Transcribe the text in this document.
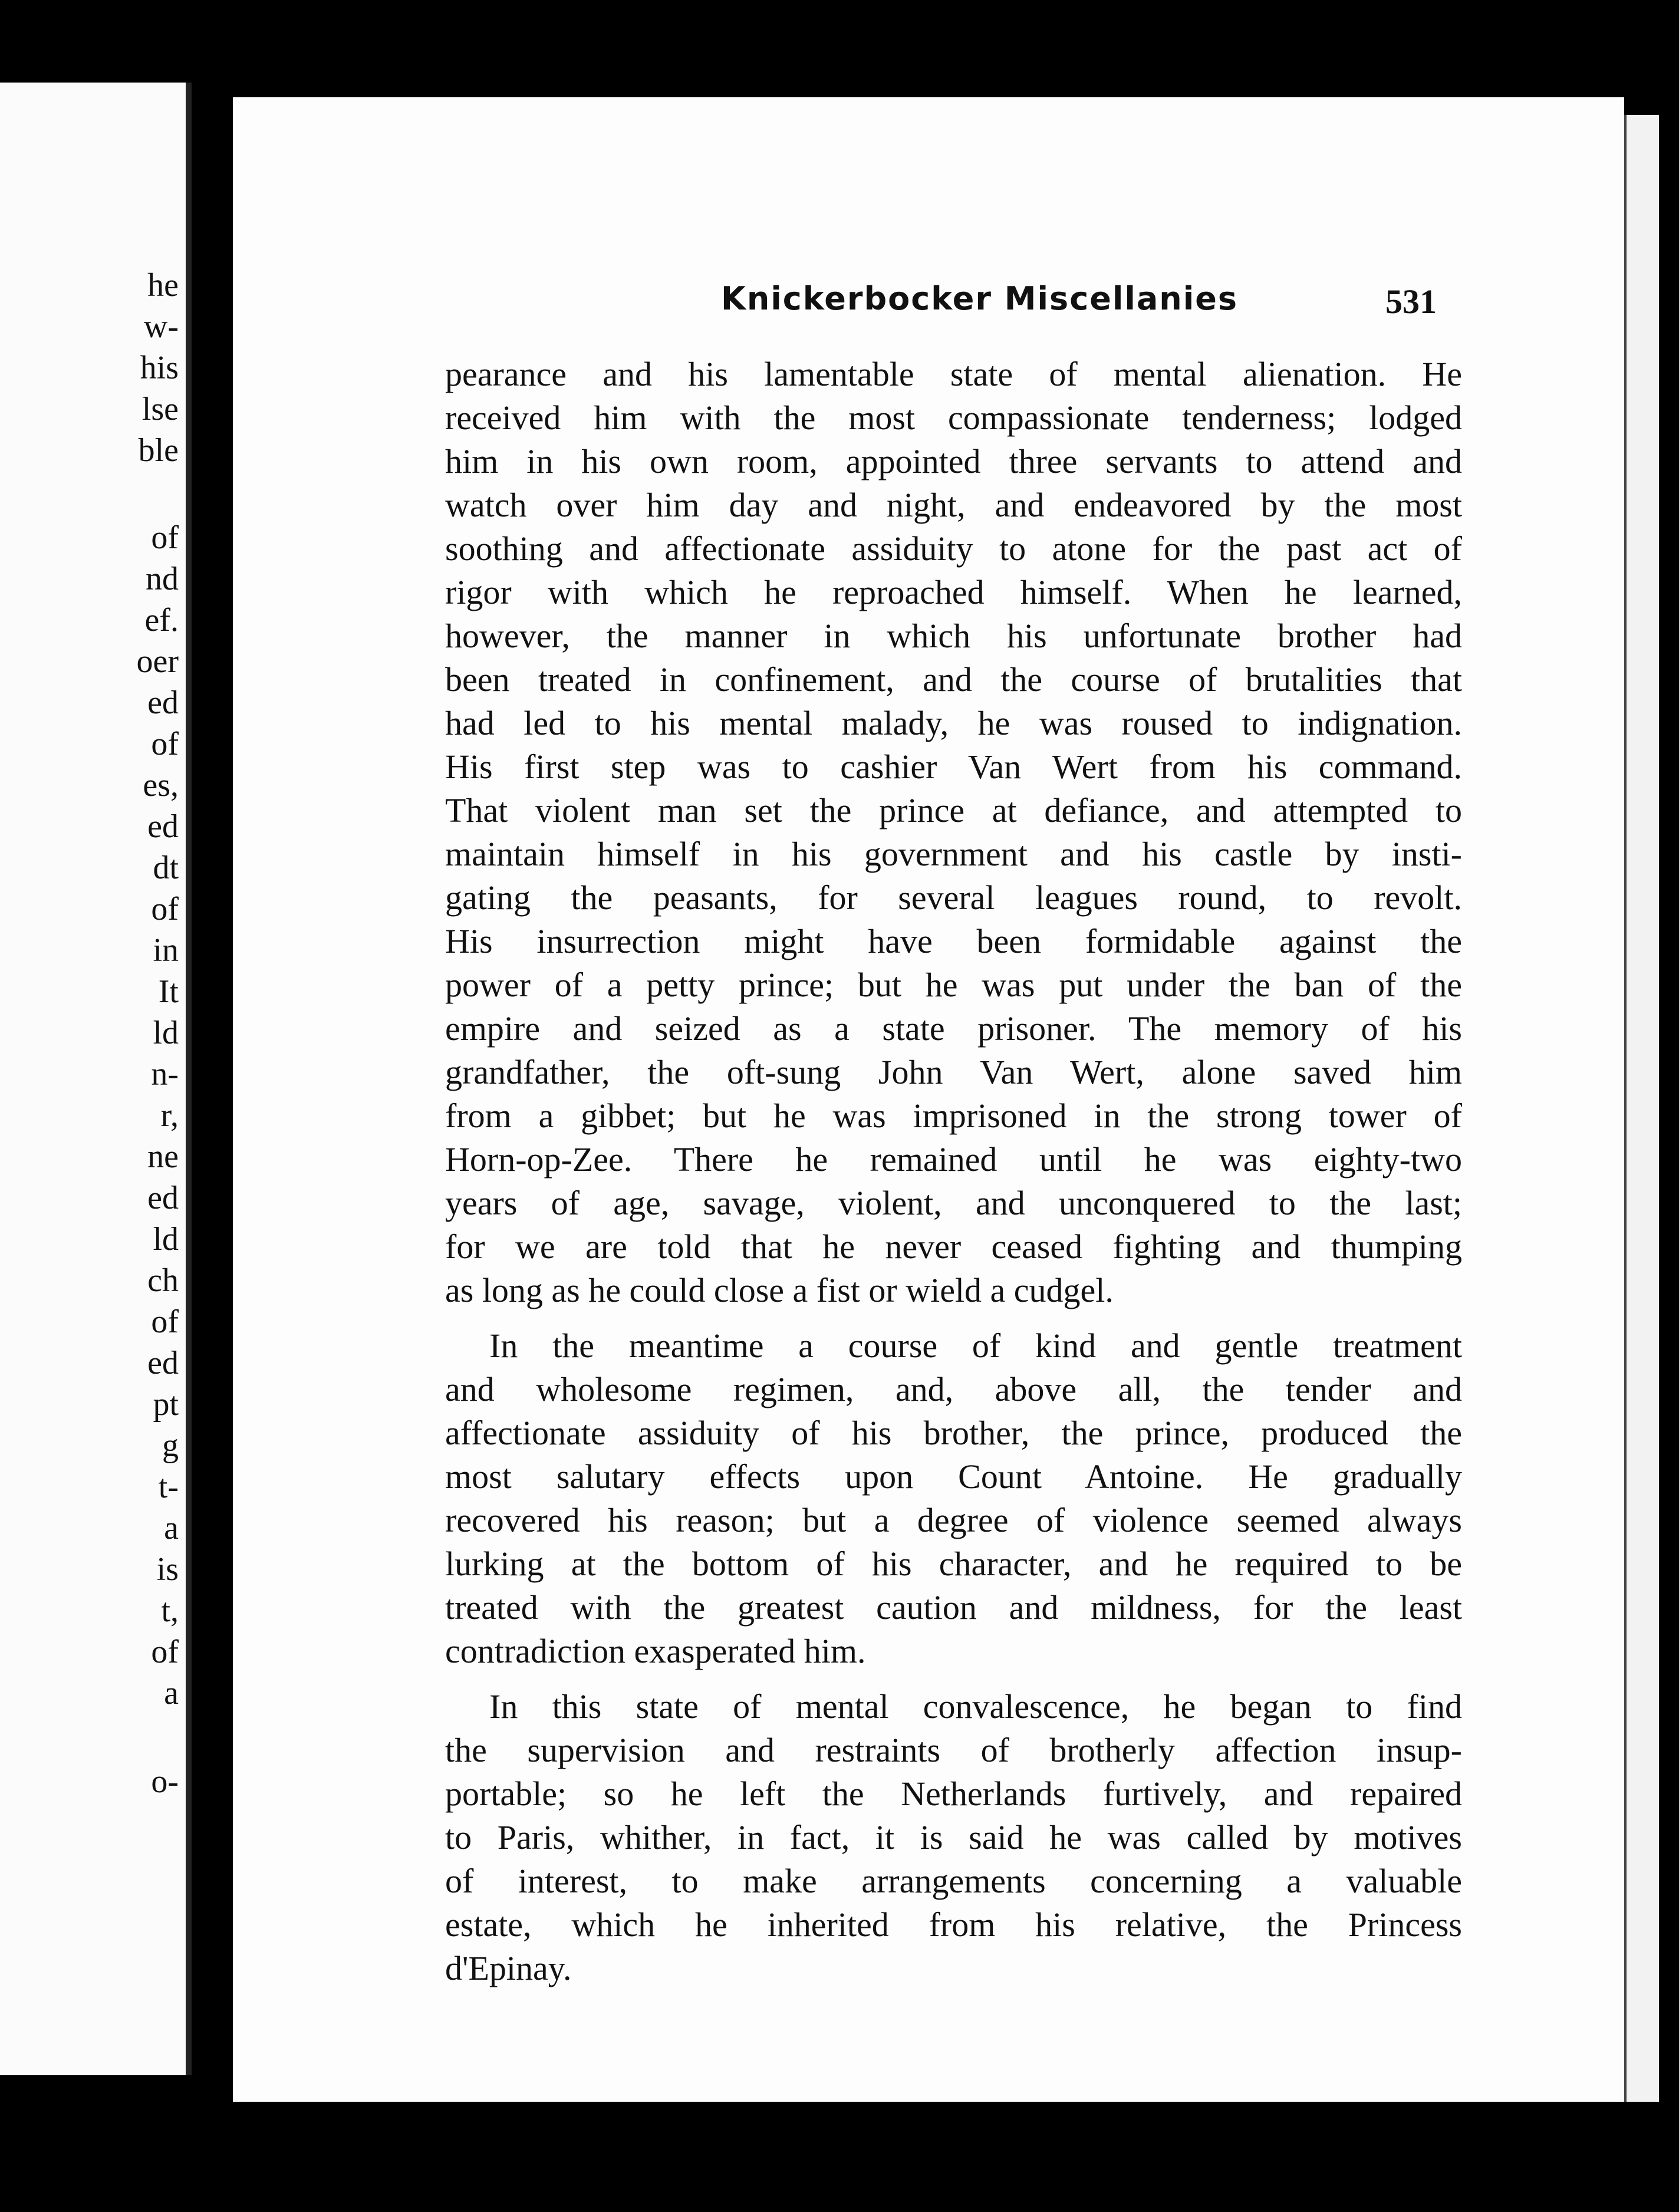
he
w-
his
lse
ble
of
nd
ef.
oer
ed
of
es,
ed
dt
of
in
It
ld
n-
r,
ne
ed
ld
ch
of
ed
pt
g
t-
a
is
t,
of
a
o-
Knickerbocker Miscellanies	531
pearance and his lamentable state of mental alienation. He
received him with the most compassionate tenderness; lodged
him in his own room, appointed three servants to attend and
watch over him day and night, and endeavored by the most
soothing and affectionate assiduity to atone for the past act of
rigor with which he reproached himself. When he learned,
however, the manner in which his unfortunate brother had
been treated in confinement, and the course of brutalities that
had led to his mental malady, he was roused to indignation.
His first step was to cashier Van Wert from his command.
That violent man set the prince at defiance, and attempted to
maintain himself in his government and his castle by insti-
gating the peasants, for several leagues round, to revolt.
His insurrection might have been formidable against the
power of a petty prince; but he was put under the ban of the
empire and seized as a state prisoner. The memory of his
grandfather, the oft-sung John Van Wert, alone saved him
from a gibbet; but he was imprisoned in the strong tower of
Horn-op-Zee. There he remained until he was eighty-two
years of age, savage, violent, and unconquered to the last;
for we are told that he never ceased fighting and thumping
as long as he could close a fist or wield a cudgel.
In the meantime a course of kind and gentle treatment
and wholesome regimen, and, above all, the tender and
affectionate assiduity of his brother, the prince, produced the
most salutary effects upon Count Antoine. He gradually
recovered his reason; but a degree of violence seemed always
lurking at the bottom of his character, and he required to be
treated with the greatest caution and mildness, for the least
contradiction exasperated him.
In this state of mental convalescence, he began to find
the supervision and restraints of brotherly affection insup-
portable; so he left the Netherlands furtively, and repaired
to Paris, whither, in fact, it is said he was called by motives
of interest, to make arrangements concerning a valuable
estate, which he inherited from his relative, the Princess
d'Epinay.
